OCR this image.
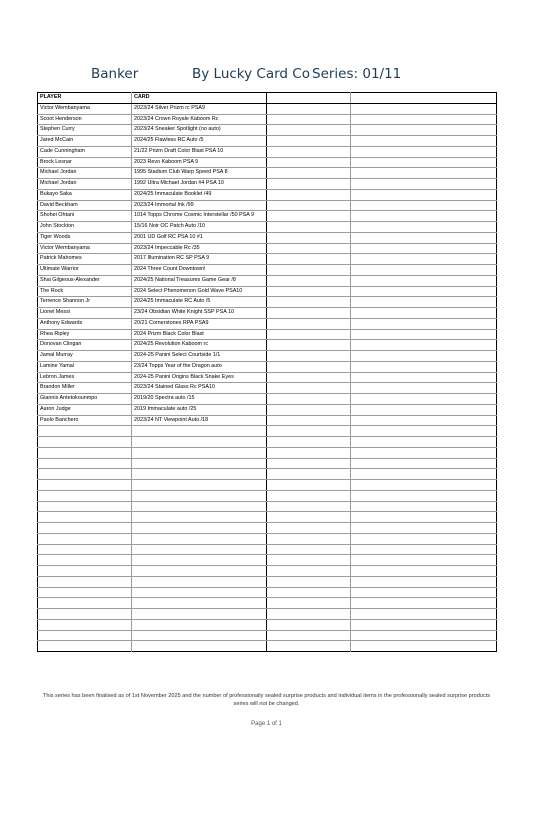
Banker	By Lucky Card Co Series: 01/11
PLAYER	CARD		
Victor Wembanyama	2023/24 Silver Prizm rc PSA9		
Scoot Henderson	2023/24 Crown Royale Kaboom Rc		
Stephen Curry	2023/24 Sneaker Spotlight (no auto)		
Jared McCain	2024/25 Flawless RC Auto /5		
Cade Cunningham	21/22 Prizm Draft Color Blast PSA 10		
Brock Lesnar	2023 Revo Kaboom PSA 9		
Michael Jordan	1995 Stadium Club Warp Speed PSA 8		
Michael Jordan	1992 Ultra Michael Jordan #4 PSA 10		
Bukayo Saka	2024/25 Immaculate Booklet /49		
David Beckham	2023/24 Immortal Ink /99		
Shohei Ohtani	1014 Topps Chrome Cosmic Interstellar /50 PSA 9		
John Stockton	15/16 Noir OC Patch Auto /10		
Tiger Woods	2001 UD Golf RC PSA 10 #1		
Victor Wembanyama	2023/24 Impeccable Rc /35		
Patrick Mahomes	2017 Illumination RC SP PSA 9		
Ultimate Warrior	2024 Three Count Downtown!		
Shai Gilgeous-Alexander	2024/25 National Treasures Game Gear /8		
The Rock	2024 Select Phenomenon Gold Wave PSA10		
Terrence Shannon Jr	2024/25 Immaculate RC Auto /5		
Lionel Messi	23/24 Obsidian White Knight SSP PSA 10		
Anthony Edwards	20/21 Cornerstones RPA PSA9		
Rhea Ripley	2024 Prizm Black Color Blast		
Donovan Clingan	2024/25 Revolution Kaboom rc		
Jamal Murray	2024-25 Panini Select Courtside 1/1		
Lamine Yamal	23/24 Topps Year of the Dragon auto		
Lebron James	2024-25 Panini Origins Black Snake Eyes		
Brandon Miller	2023/24 Stained Glass Rc PSA10		
Giannis Antetokounmpo	2019/20 Spectra auto /15		
Aaron Judge	2019 Immaculate auto /25		
Paolo Banchero	2023/24 NT Viewpoint Auto /18		

This series has been finalised as of 1st November 2025 and the number of professionally sealed surprise products and individual items in the professionally sealed surprise products series will not be changed.
Page 1 of 1
